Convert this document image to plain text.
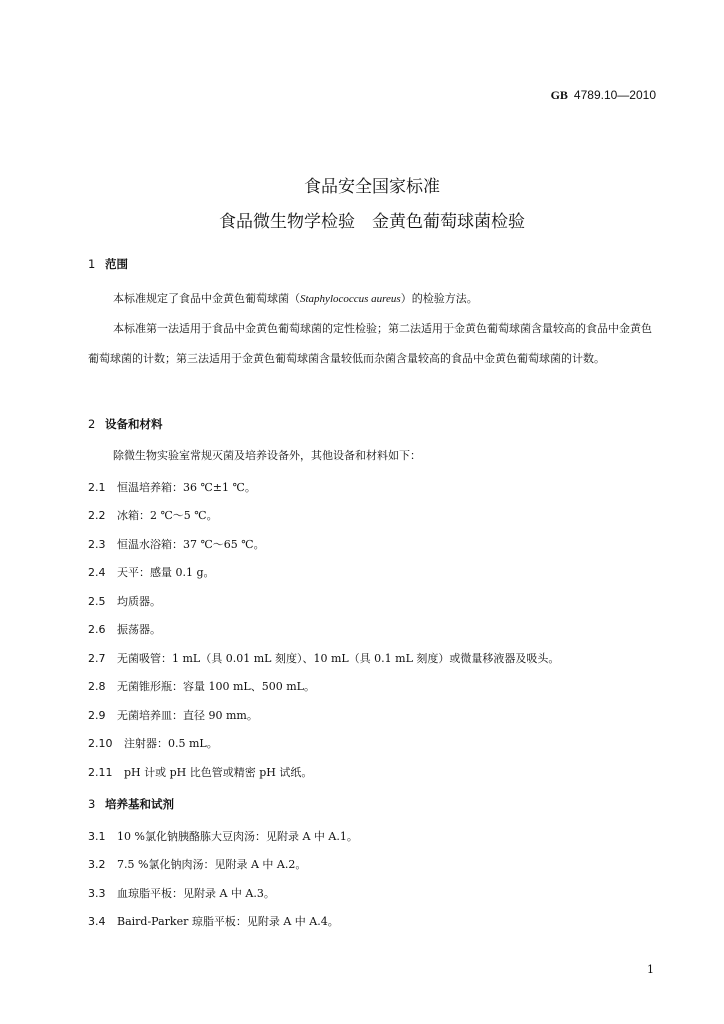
GB 4789.10—2010
食品安全国家标准
食品微生物学检验　金黄色葡萄球菌检验
1 范围
本标准规定了食品中金黄色葡萄球菌（Staphylococcus aureus）的检验方法。
本标准第一法适用于食品中金黄色葡萄球菌的定性检验；第二法适用于金黄色葡萄球菌含量较高的食品中金黄色葡萄球菌的计数；第三法适用于金黄色葡萄球菌含量较低而杂菌含量较高的食品中金黄色葡萄球菌的计数。
2 设备和材料
除微生物实验室常规灭菌及培养设备外，其他设备和材料如下：
2.1 恒温培养箱：36 ℃±1 ℃。
2.2 冰箱：2 ℃～5 ℃。
2.3 恒温水浴箱：37 ℃～65 ℃。
2.4 天平：感量 0.1 g。
2.5 均质器。
2.6 振荡器。
2.7 无菌吸管：1 mL（具 0.01 mL 刻度）、10 mL（具 0.1 mL 刻度）或微量移液器及吸头。
2.8 无菌锥形瓶：容量 100 mL、500 mL。
2.9 无菌培养皿：直径 90 mm。
2.10 注射器：0.5 mL。
2.11 pH 计或 pH 比色管或精密 pH 试纸。
3 培养基和试剂
3.1 10 %氯化钠胰酪胨大豆肉汤：见附录 A 中 A.1。
3.2 7.5 %氯化钠肉汤：见附录 A 中 A.2。
3.3 血琼脂平板：见附录 A 中 A.3。
3.4 Baird-Parker 琼脂平板：见附录 A 中 A.4。
1
